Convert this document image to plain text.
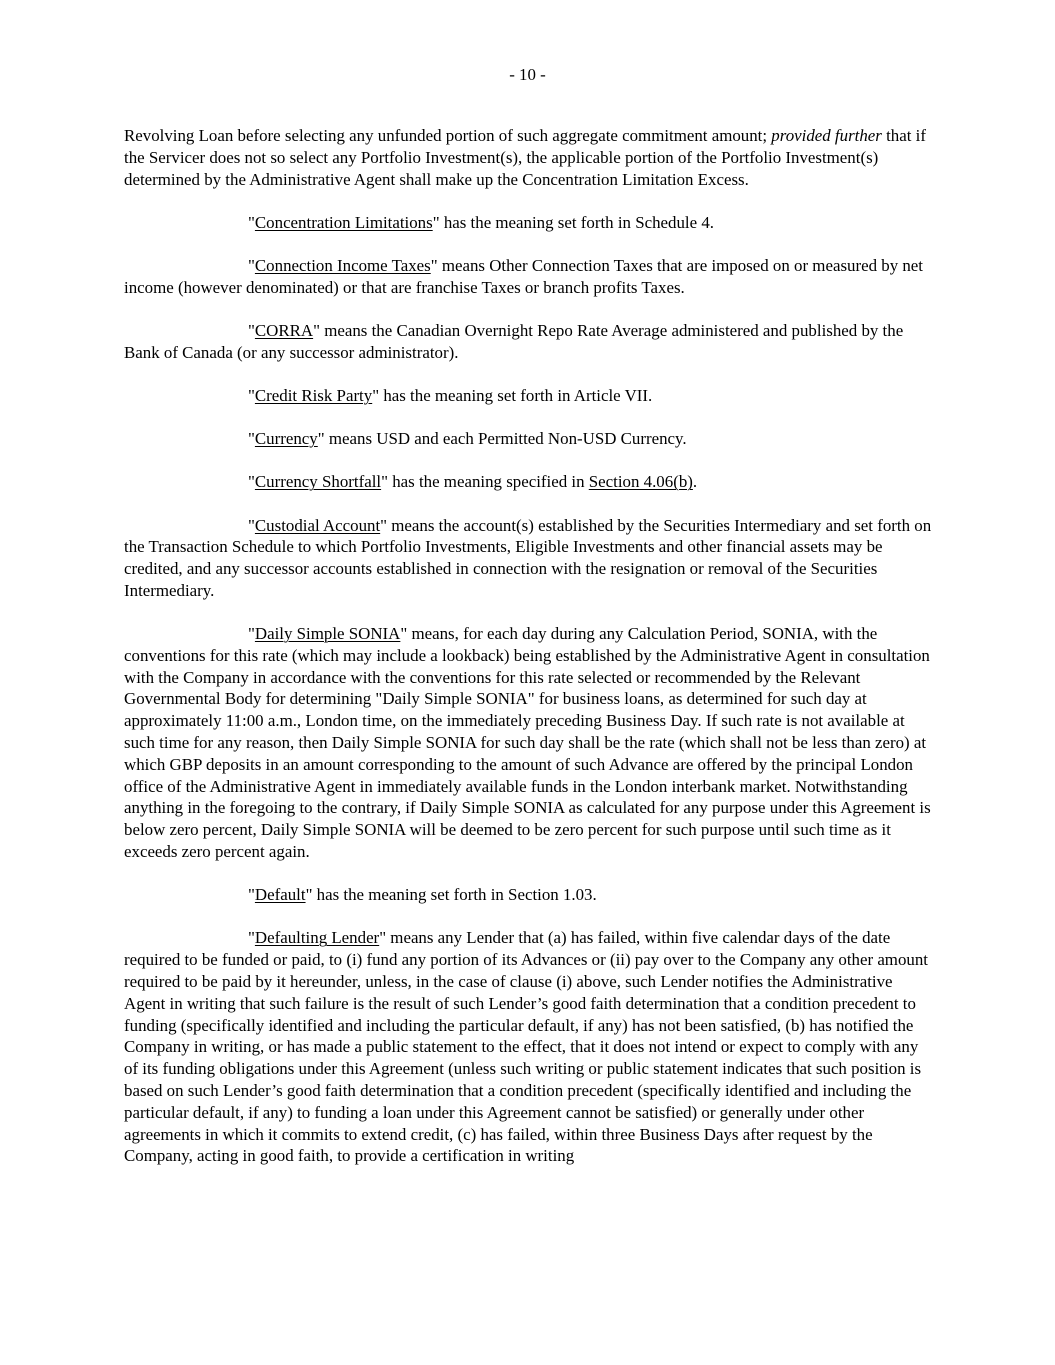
- 10 -

Revolving Loan before selecting any unfunded portion of such aggregate commitment amount; provided further that if the Servicer does not so select any Portfolio Investment(s), the applicable portion of the Portfolio Investment(s) determined by the Administrative Agent shall make up the Concentration Limitation Excess.

"Concentration Limitations" has the meaning set forth in Schedule 4.

"Connection Income Taxes" means Other Connection Taxes that are imposed on or measured by net income (however denominated) or that are franchise Taxes or branch profits Taxes.

"CORRA" means the Canadian Overnight Repo Rate Average administered and published by the Bank of Canada (or any successor administrator).

"Credit Risk Party" has the meaning set forth in Article VII.

"Currency" means USD and each Permitted Non-USD Currency.

"Currency Shortfall" has the meaning specified in Section 4.06(b).

"Custodial Account" means the account(s) established by the Securities Intermediary and set forth on the Transaction Schedule to which Portfolio Investments, Eligible Investments and other financial assets may be credited, and any successor accounts established in connection with the resignation or removal of the Securities Intermediary.

"Daily Simple SONIA" means, for each day during any Calculation Period, SONIA, with the conventions for this rate (which may include a lookback) being established by the Administrative Agent in consultation with the Company in accordance with the conventions for this rate selected or recommended by the Relevant Governmental Body for determining "Daily Simple SONIA" for business loans, as determined for such day at approximately 11:00 a.m., London time, on the immediately preceding Business Day. If such rate is not available at such time for any reason, then Daily Simple SONIA for such day shall be the rate (which shall not be less than zero) at which GBP deposits in an amount corresponding to the amount of such Advance are offered by the principal London office of the Administrative Agent in immediately available funds in the London interbank market. Notwithstanding anything in the foregoing to the contrary, if Daily Simple SONIA as calculated for any purpose under this Agreement is below zero percent, Daily Simple SONIA will be deemed to be zero percent for such purpose until such time as it exceeds zero percent again.

"Default" has the meaning set forth in Section 1.03.

"Defaulting Lender" means any Lender that (a) has failed, within five calendar days of the date required to be funded or paid, to (i) fund any portion of its Advances or (ii) pay over to the Company any other amount required to be paid by it hereunder, unless, in the case of clause (i) above, such Lender notifies the Administrative Agent in writing that such failure is the result of such Lender’s good faith determination that a condition precedent to funding (specifically identified and including the particular default, if any) has not been satisfied, (b) has notified the Company in writing, or has made a public statement to the effect, that it does not intend or expect to comply with any of its funding obligations under this Agreement (unless such writing or public statement indicates that such position is based on such Lender’s good faith determination that a condition precedent (specifically identified and including the particular default, if any) to funding a loan under this Agreement cannot be satisfied) or generally under other agreements in which it commits to extend credit, (c) has failed, within three Business Days after request by the Company, acting in good faith, to provide a certification in writing
